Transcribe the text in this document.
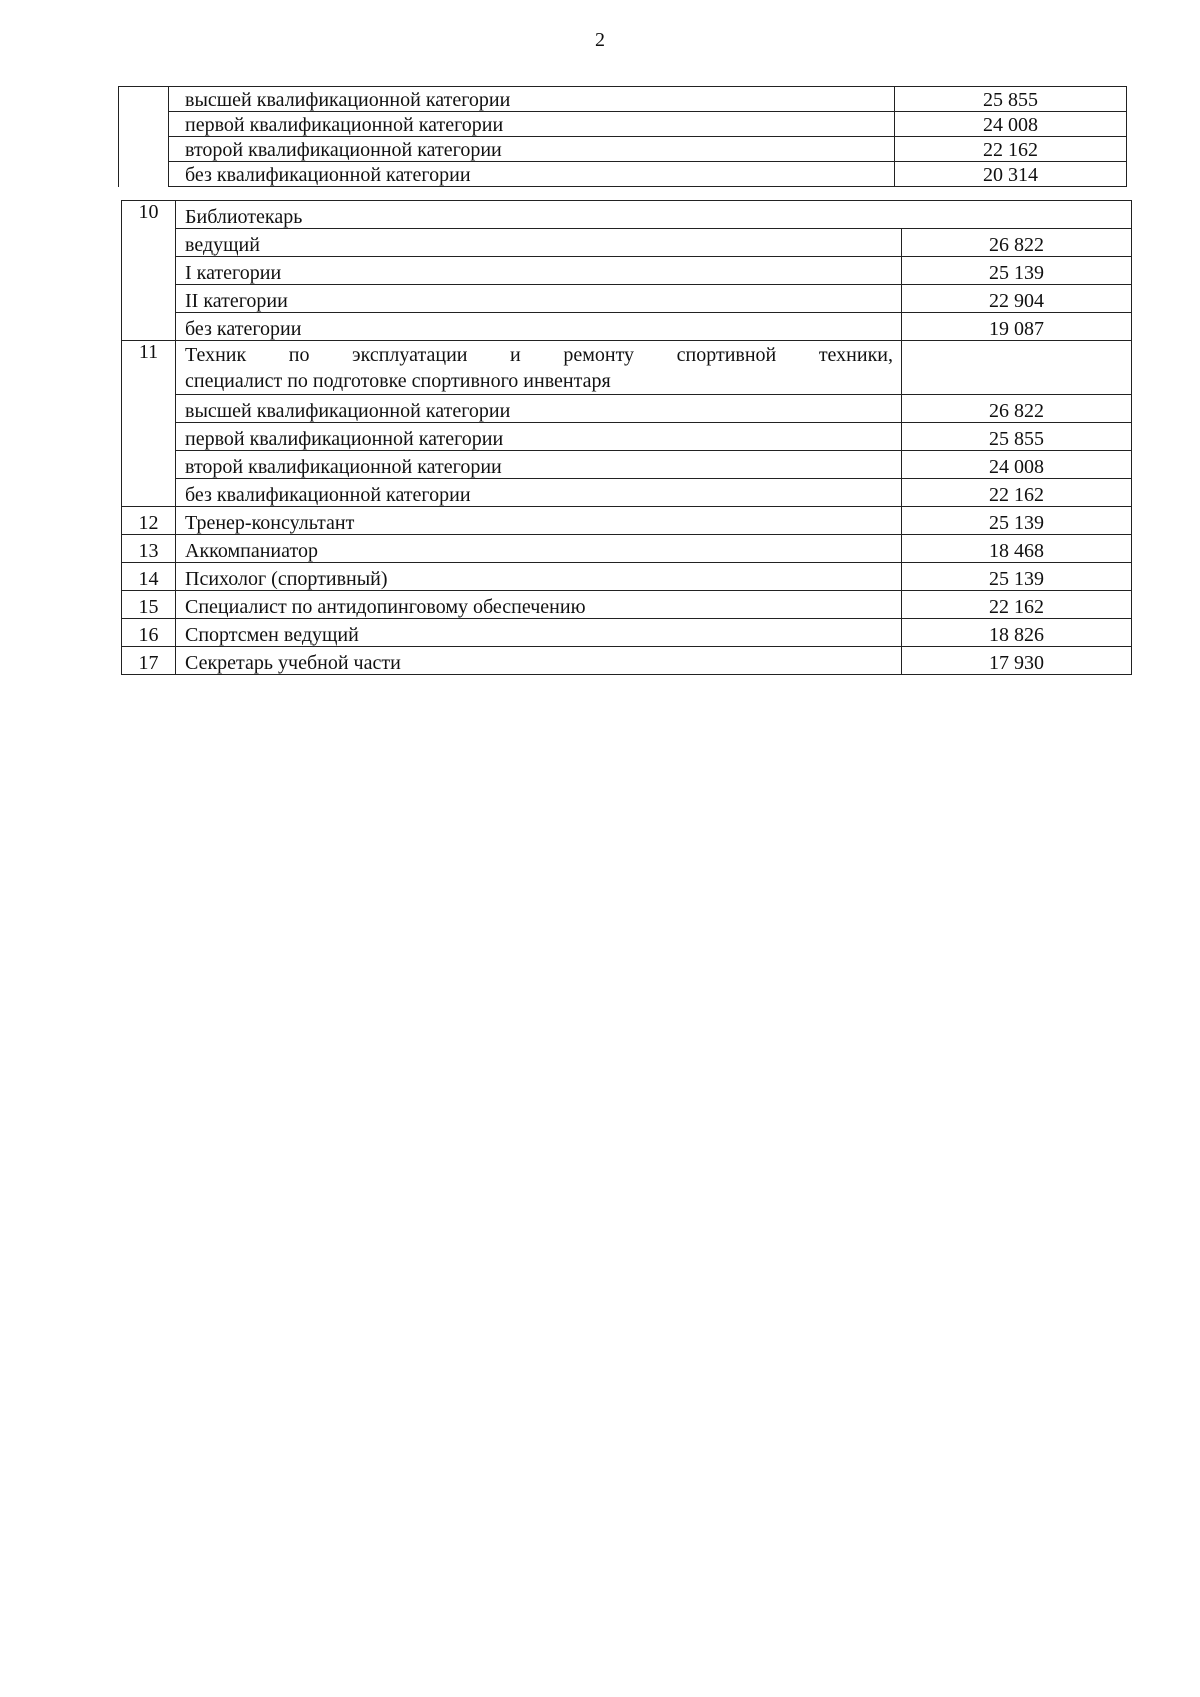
2
	высшей квалификационной категории	25 855
	первой квалификационной категории	24 008
	второй квалификационной категории	22 162
	без квалификационной категории	20 314
10	Библиотекарь	
	ведущий	26 822
	I категории	25 139
	II категории	22 904
	без категории	19 087
11	Техник по эксплуатации и ремонту спортивной техники,
специалист по подготовке спортивного инвентаря	

	высшей квалификационной категории	26 822
	первой квалификационной категории	25 855
	второй квалификационной категории	24 008
	без квалификационной категории	22 162
12	Тренер-консультант	25 139
13	Аккомпаниатор	18 468
14	Психолог (спортивный)	25 139
15	Специалист по антидопинговому обеспечению	22 162
16	Спортсмен ведущий	18 826
17	Секретарь учебной части	17 930
